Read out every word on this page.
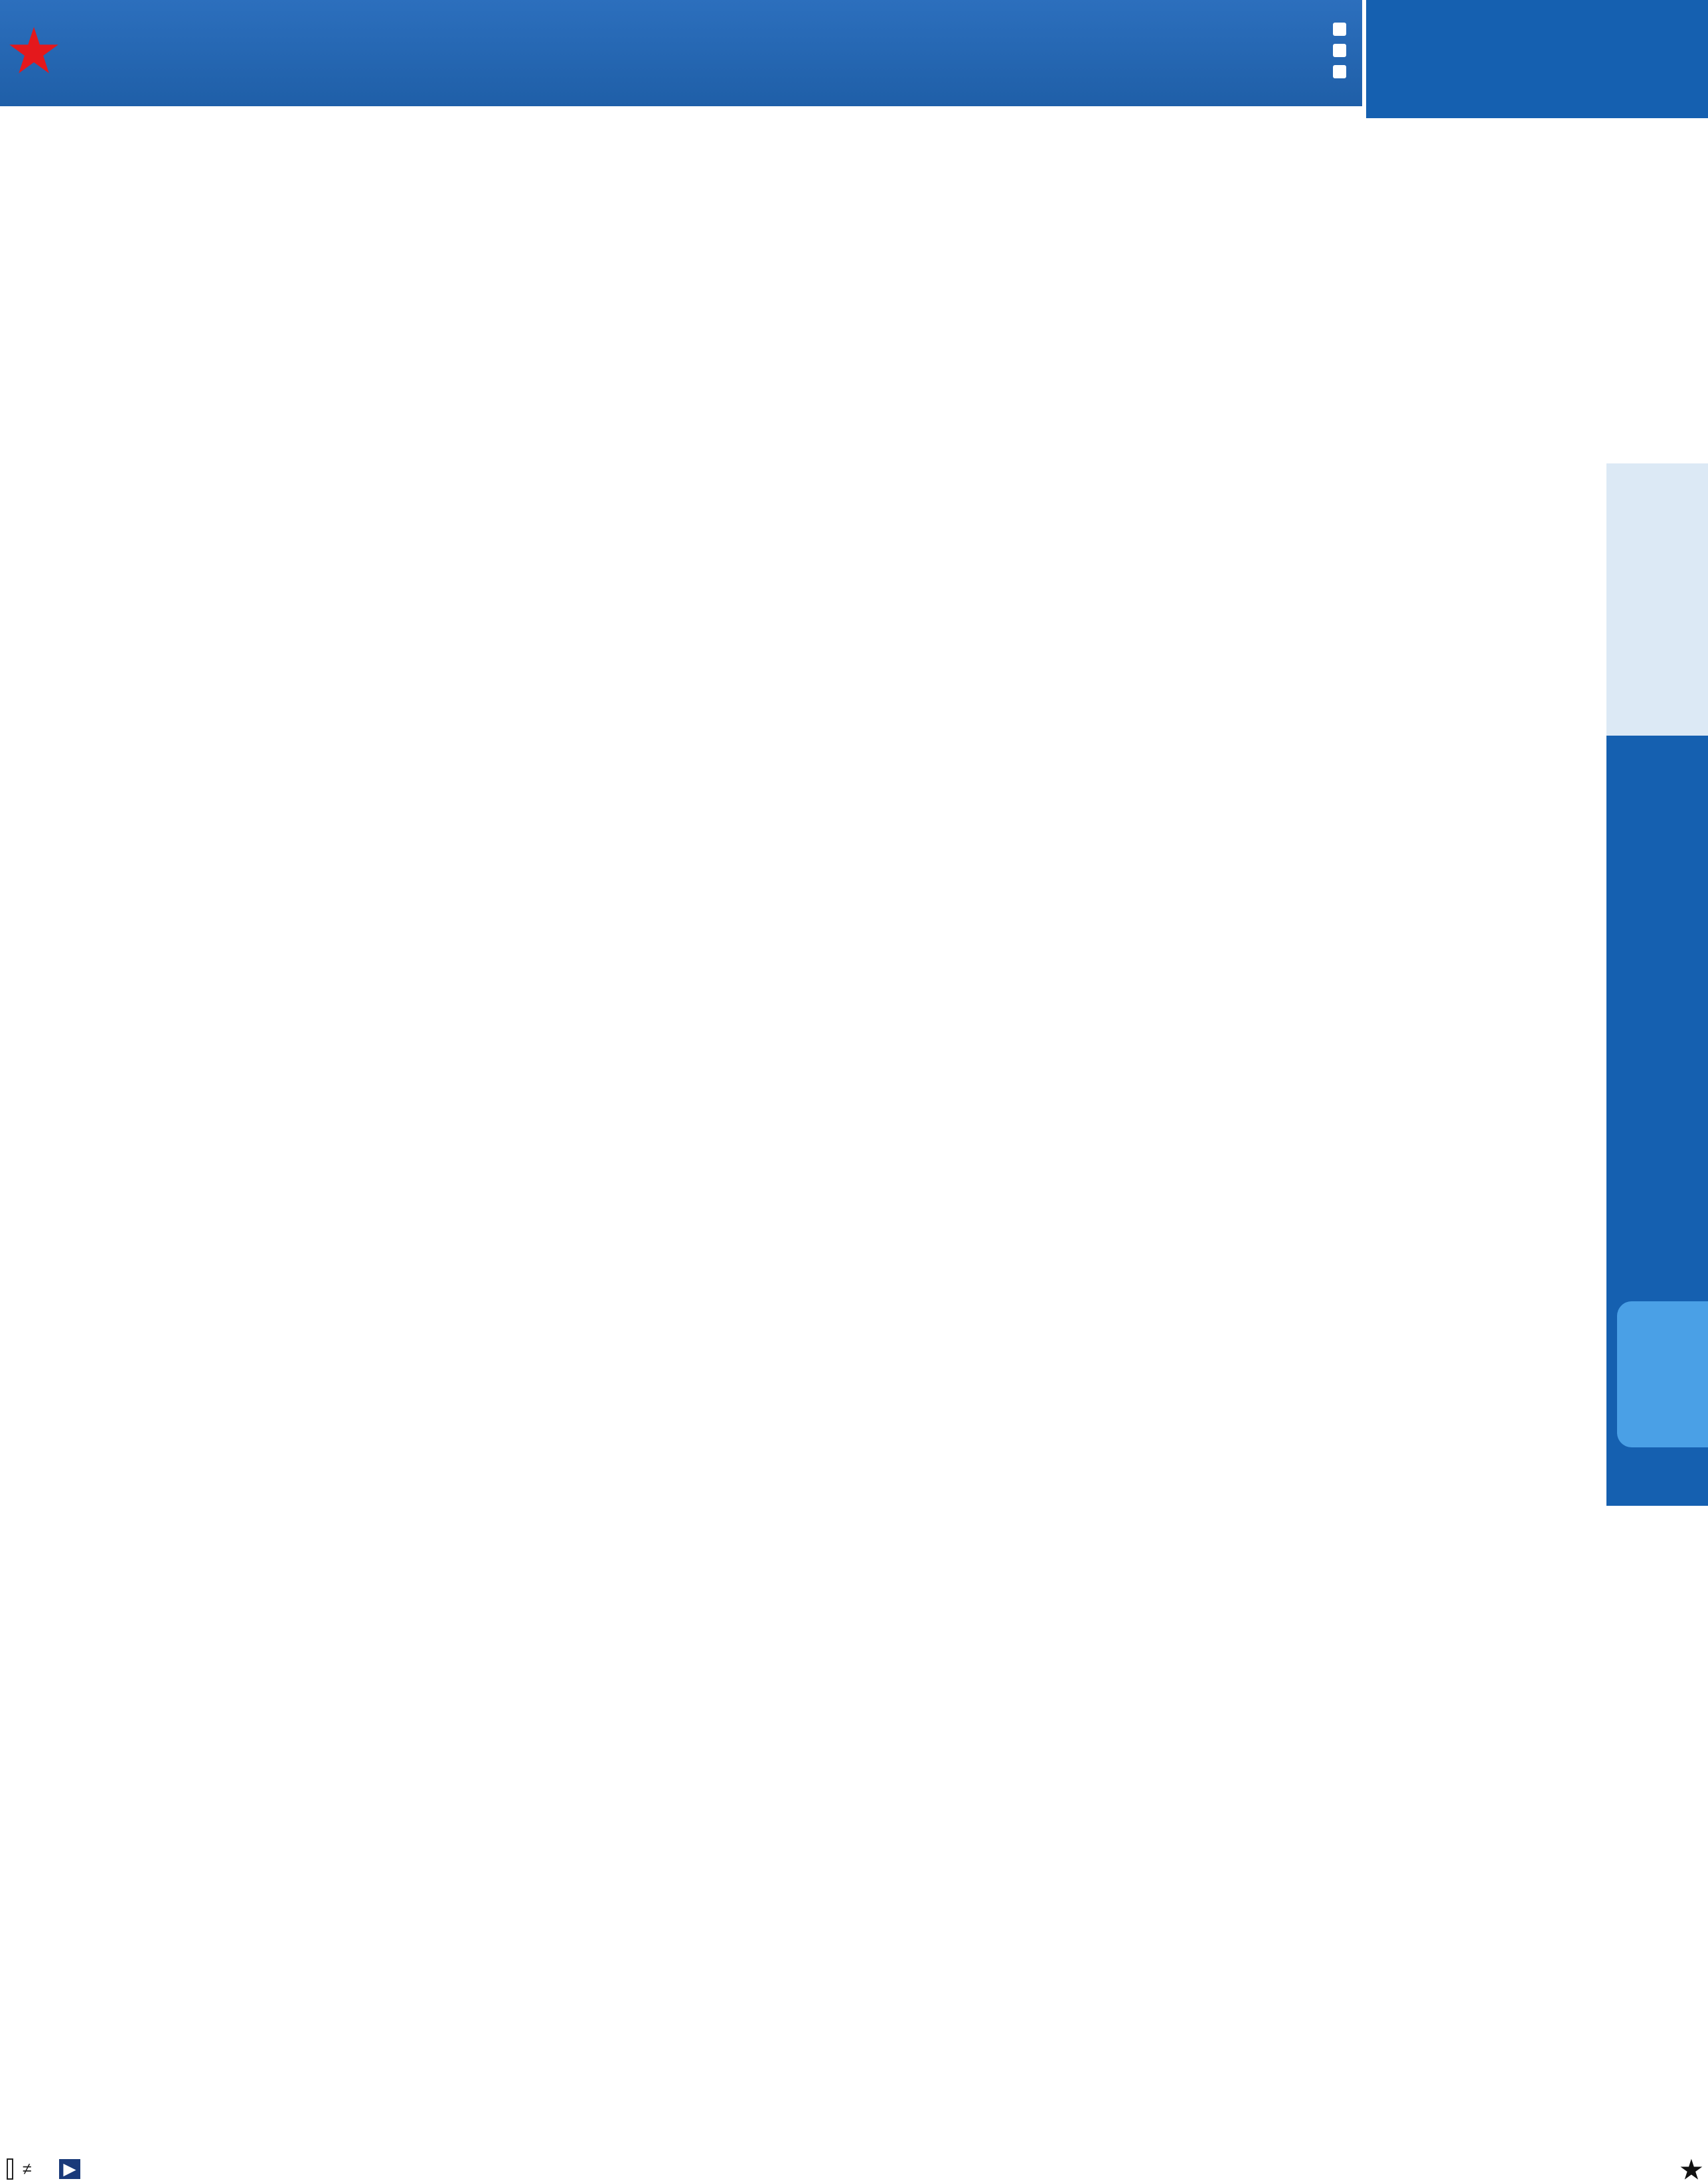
★
≠ ▶	★
